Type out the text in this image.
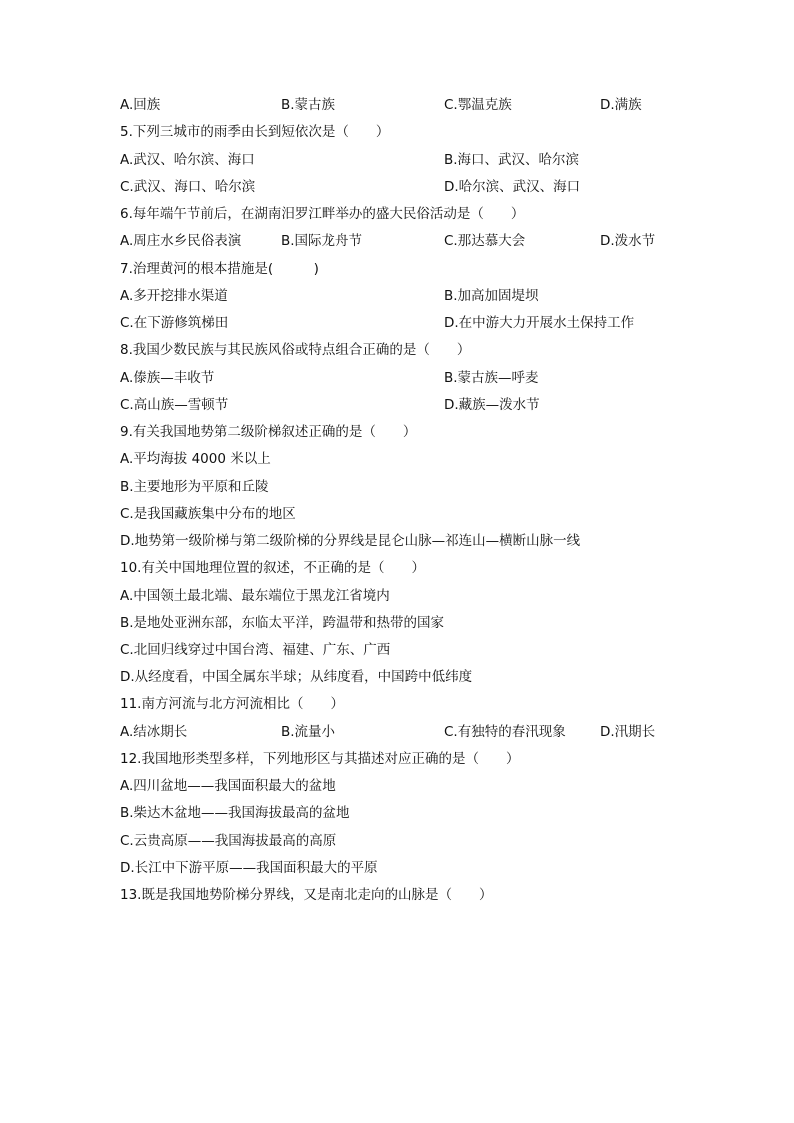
A.回族	B.蒙古族	C.鄂温克族	D.满族
5.下列三城市的雨季由长到短依次是（　　）
A.武汉、哈尔滨、海口	B.海口、武汉、哈尔滨
C.武汉、海口、哈尔滨	D.哈尔滨、武汉、海口
6.每年端午节前后，在湖南汨罗江畔举办的盛大民俗活动是（　　）
A.周庄水乡民俗表演	B.国际龙舟节	C.那达慕大会	D.泼水节
7.治理黄河的根本措施是(　　　)
A.多开挖排水渠道	B.加高加固堤坝
C.在下游修筑梯田	D.在中游大力开展水土保持工作
8.我国少数民族与其民族风俗或特点组合正确的是（　　）
A.傣族—丰收节	B.蒙古族—呼麦
C.高山族—雪顿节	D.藏族—泼水节
9.有关我国地势第二级阶梯叙述正确的是（　　）
A.平均海拔 4000 米以上
B.主要地形为平原和丘陵
C.是我国藏族集中分布的地区
D.地势第一级阶梯与第二级阶梯的分界线是昆仑山脉—祁连山—横断山脉一线
10.有关中国地理位置的叙述，不正确的是（　　）
A.中国领土最北端、最东端位于黑龙江省境内
B.是地处亚洲东部，东临太平洋，跨温带和热带的国家
C.北回归线穿过中国台湾、福建、广东、广西
D.从经度看，中国全属东半球；从纬度看，中国跨中低纬度
11.南方河流与北方河流相比（　　）
A.结冰期长	B.流量小	C.有独特的春汛现象	D.汛期长
12.我国地形类型多样，下列地形区与其描述对应正确的是（　　）
A.四川盆地——我国面积最大的盆地
B.柴达木盆地——我国海拔最高的盆地
C.云贵高原——我国海拔最高的高原
D.长江中下游平原——我国面积最大的平原
13.既是我国地势阶梯分界线，又是南北走向的山脉是（　　）
